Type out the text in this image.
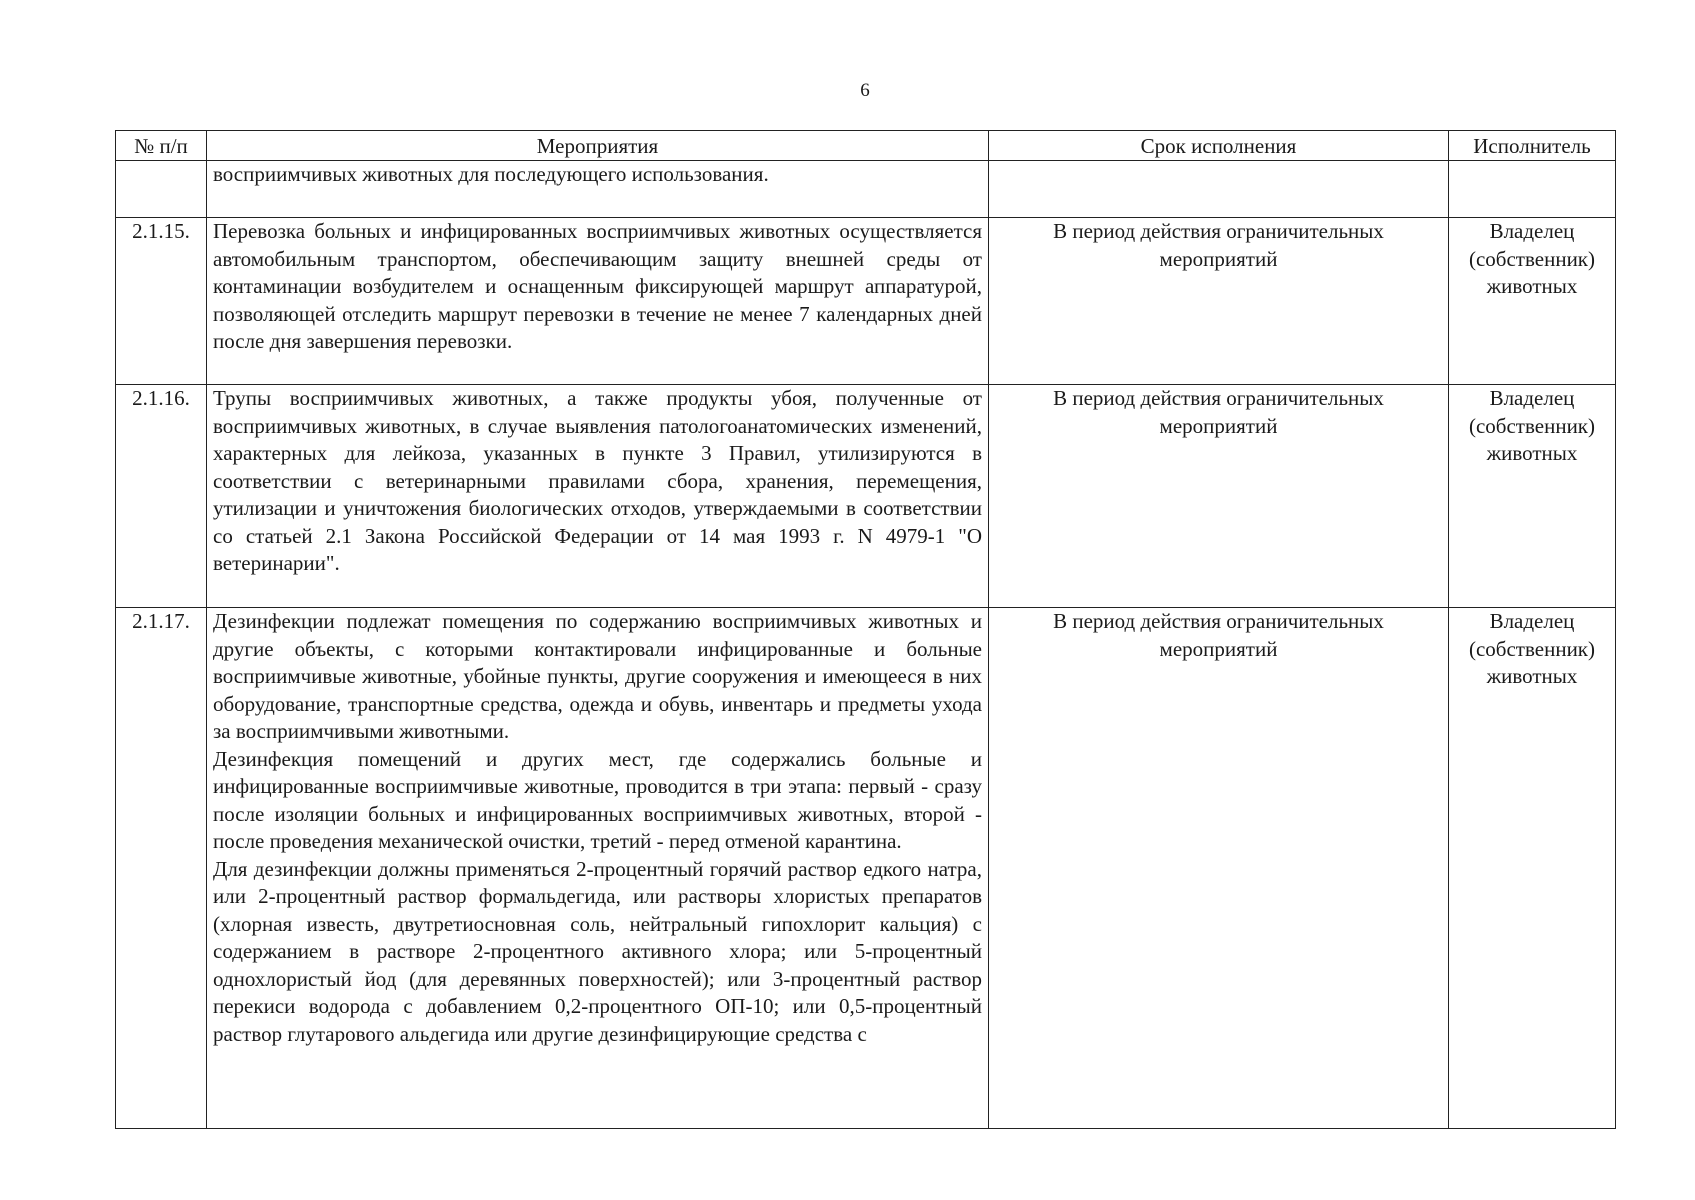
6
№ п/п	Мероприятия	Срок исполнения	Исполнитель

	восприимчивых животных для последующего использования.		

2.1.15.	Перевозка больных и инфицированных восприимчивых животных осуществляется автомобильным транспортом, обеспечивающим защиту внешней среды от контаминации возбудителем и оснащенным фиксирующей маршрут аппаратурой, позволяющей отследить маршрут перевозки в течение не менее 7 календарных дней после дня завершения перевозки.	В период действия ограничительных мероприятий	Владелец (собственник) животных
2.1.16.	Трупы восприимчивых животных, а также продукты убоя, полученные от восприимчивых животных, в случае выявления патологоанатомических изменений, характерных для лейкоза, указанных в пункте 3 Правил, утилизируются в соответствии с ветеринарными правилами сбора, хранения, перемещения, утилизации и уничтожения биологических отходов, утверждаемыми в соответствии со статьей 2.1 Закона Российской Федерации от 14 мая 1993 г. N 4979-1 "О ветеринарии".	В период действия ограничительных мероприятий	Владелец (собственник) животных
2.1.17.	Дезинфекции подлежат помещения по содержанию восприимчивых животных и другие объекты, с которыми контактировали инфицированные и больные восприимчивые животные, убойные пункты, другие сооружения и имеющееся в них оборудование, транспортные средства, одежда и обувь, инвентарь и предметы ухода за восприимчивыми животными.

Дезинфекция помещений и других мест, где содержались больные и инфицированные восприимчивые животные, проводится в три этапа: первый - сразу после изоляции больных и инфицированных восприимчивых животных, второй - после проведения механической очистки, третий - перед отменой карантина.

Для дезинфекции должны применяться 2-процентный горячий раствор едкого натра, или 2-процентный раствор формальдегида, или растворы хлористых препаратов (хлорная известь, двутретиосновная соль, нейтральный гипохлорит кальция) с содержанием в растворе 2-процентного активного хлора; или 5-процентный однохлористый йод (для деревянных поверхностей); или 3-процентный раствор перекиси водорода с добавлением 0,2-процентного ОП-10; или 0,5-процентный раствор глутарового альдегида или другие дезинфицирующие средства с	В период действия ограничительных мероприятий	Владелец (собственник) животных
